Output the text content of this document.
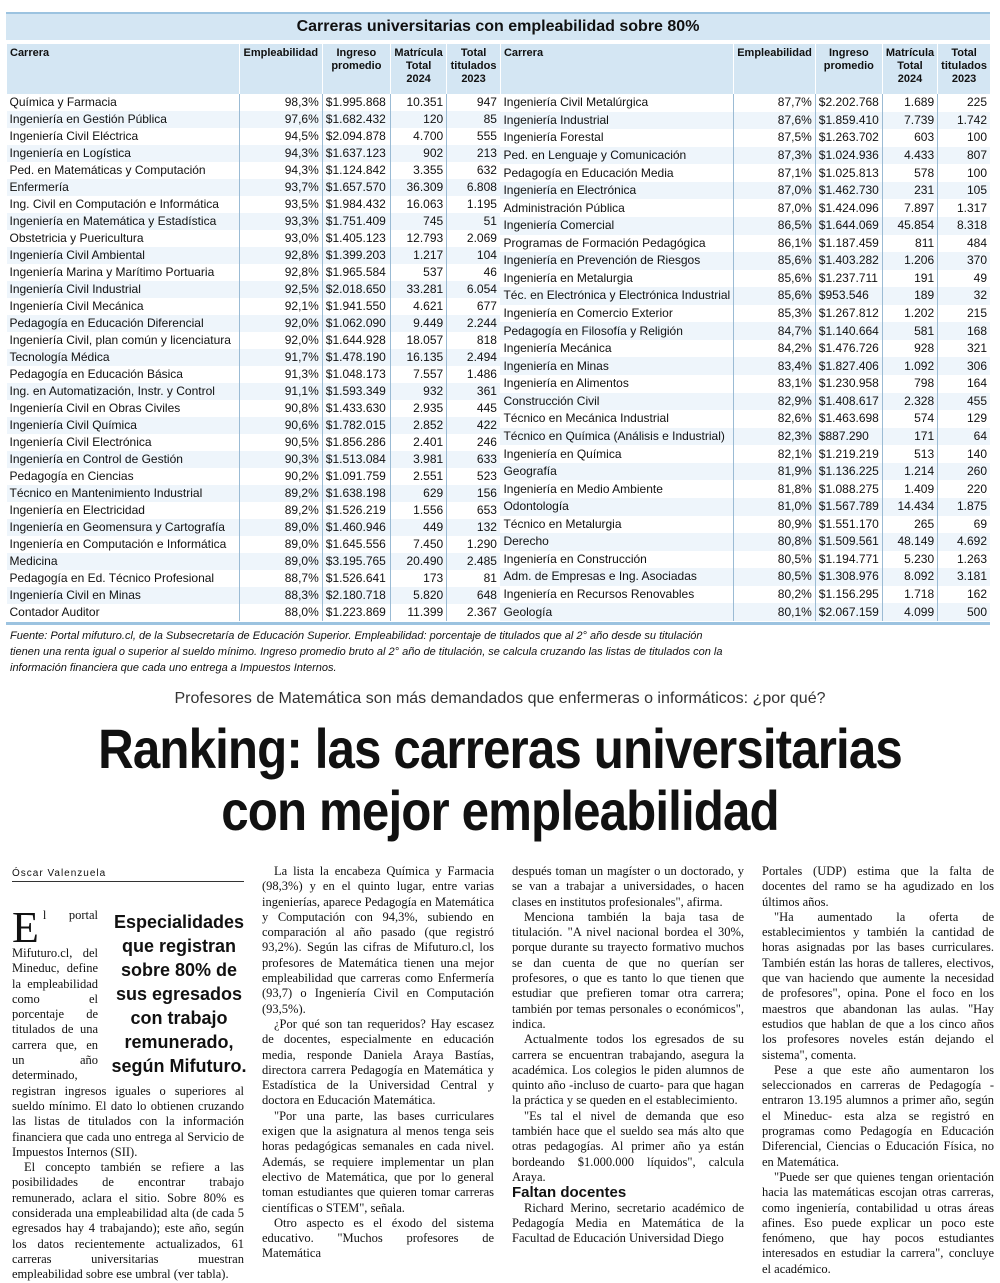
Carreras universitarias con empleabilidad sobre 80%
Carrera	Empleabilidad	Ingreso promedio	Matrícula Total 2024	Total titulados 2023
Química y Farmacia	98,3%	$1.995.868	10.351	947
Ingeniería en Gestión Pública	97,6%	$1.682.432	120	85
Ingeniería Civil Eléctrica	94,5%	$2.094.878	4.700	555
Ingeniería en Logística	94,3%	$1.637.123	902	213
Ped. en Matemáticas y Computación	94,3%	$1.124.842	3.355	632
Enfermería	93,7%	$1.657.570	36.309	6.808
Ing. Civil en Computación e Informática	93,5%	$1.984.432	16.063	1.195
Ingeniería en Matemática y Estadística	93,3%	$1.751.409	745	51
Obstetricia y Puericultura	93,0%	$1.405.123	12.793	2.069
Ingeniería Civil Ambiental	92,8%	$1.399.203	1.217	104
Ingeniería Marina y Marítimo Portuaria	92,8%	$1.965.584	537	46
Ingeniería Civil Industrial	92,5%	$2.018.650	33.281	6.054
Ingeniería Civil Mecánica	92,1%	$1.941.550	4.621	677
Pedagogía en Educación Diferencial	92,0%	$1.062.090	9.449	2.244
Ingeniería Civil, plan común y licenciatura	92,0%	$1.644.928	18.057	818
Tecnología Médica	91,7%	$1.478.190	16.135	2.494
Pedagogía en Educación Básica	91,3%	$1.048.173	7.557	1.486
Ing. en Automatización, Instr. y Control	91,1%	$1.593.349	932	361
Ingeniería Civil en Obras Civiles	90,8%	$1.433.630	2.935	445
Ingeniería Civil Química	90,6%	$1.782.015	2.852	422
Ingeniería Civil Electrónica	90,5%	$1.856.286	2.401	246
Ingeniería en Control de Gestión	90,3%	$1.513.084	3.981	633
Pedagogía en Ciencias	90,2%	$1.091.759	2.551	523
Técnico en Mantenimiento Industrial	89,2%	$1.638.198	629	156
Ingeniería en Electricidad	89,2%	$1.526.219	1.556	653
Ingeniería en Geomensura y Cartografía	89,0%	$1.460.946	449	132
Ingeniería en Computación e Informática	89,0%	$1.645.556	7.450	1.290
Medicina	89,0%	$3.195.765	20.490	2.485
Pedagogía en Ed. Técnico Profesional	88,7%	$1.526.641	173	81
Ingeniería Civil en Minas	88,3%	$2.180.718	5.820	648
Contador Auditor	88,0%	$1.223.869	11.399	2.367
Carrera	Empleabilidad	Ingreso promedio	Matrícula Total 2024	Total titulados 2023
Ingeniería Civil Metalúrgica	87,7%	$2.202.768	1.689	225
Ingeniería Industrial	87,6%	$1.859.410	7.739	1.742
Ingeniería Forestal	87,5%	$1.263.702	603	100
Ped. en Lenguaje y Comunicación	87,3%	$1.024.936	4.433	807
Pedagogía en Educación Media	87,1%	$1.025.813	578	100
Ingeniería en Electrónica	87,0%	$1.462.730	231	105
Administración Pública	87,0%	$1.424.096	7.897	1.317
Ingeniería Comercial	86,5%	$1.644.069	45.854	8.318
Programas de Formación Pedagógica	86,1%	$1.187.459	811	484
Ingeniería en Prevención de Riesgos	85,6%	$1.403.282	1.206	370
Ingeniería en Metalurgia	85,6%	$1.237.711	191	49
Téc. en Electrónica y Electrónica Industrial	85,6%	$953.546	189	32
Ingeniería en Comercio Exterior	85,3%	$1.267.812	1.202	215
Pedagogía en Filosofía y Religión	84,7%	$1.140.664	581	168
Ingeniería Mecánica	84,2%	$1.476.726	928	321
Ingeniería en Minas	83,4%	$1.827.406	1.092	306
Ingeniería en Alimentos	83,1%	$1.230.958	798	164
Construcción Civil	82,9%	$1.408.617	2.328	455
Técnico en Mecánica Industrial	82,6%	$1.463.698	574	129
Técnico en Química (Análisis e Industrial)	82,3%	$887.290	171	64
Ingeniería en Química	82,1%	$1.219.219	513	140
Geografía	81,9%	$1.136.225	1.214	260
Ingeniería en Medio Ambiente	81,8%	$1.088.275	1.409	220
Odontología	81,0%	$1.567.789	14.434	1.875
Técnico en Metalurgia	80,9%	$1.551.170	265	69
Derecho	80,8%	$1.509.561	48.149	4.692
Ingeniería en Construcción	80,5%	$1.194.771	5.230	1.263
Adm. de Empresas e Ing. Asociadas	80,5%	$1.308.976	8.092	3.181
Ingeniería en Recursos Renovables	80,2%	$1.156.295	1.718	162
Geología	80,1%	$2.067.159	4.099	500
Fuente: Portal mifuturo.cl, de la Subsecretaría de Educación Superior. Empleabilidad: porcentaje de titulados que al 2° año desde su titulación tienen una renta igual o superior al sueldo mínimo. Ingreso promedio bruto al 2° año de titulación, se calcula cruzando las listas de titulados con la información financiera que cada uno entrega a Impuestos Internos.
Profesores de Matemática son más demandados que enfermeras o informáticos: ¿por qué?
Ranking: las carreras universitarias con mejor empleabilidad
Óscar Valenzuela
Especialidades que registran sobre 80% de sus egresados con trabajo remunerado, según Mifuturo.

El portal Mifuturo.cl, del Mineduc, define la empleabilidad como el porcentaje de titulados de una carrera que, en un año determinado, registran ingresos iguales o superiores al sueldo mínimo. El dato lo obtienen cruzando las listas de titulados con la información financiera que cada uno entrega al Servicio de Impuestos Internos (SII).

El concepto también se refiere a las posibilidades de encontrar trabajo remunerado, aclara el sitio. Sobre 80% es considerada una empleabilidad alta (de cada 5 egresados hay 4 trabajando); este año, según los datos recientemente actualizados, 61 carreras universitarias muestran empleabilidad sobre ese umbral (ver tabla).

La lista la encabeza Química y Farmacia (98,3%) y en el quinto lugar, entre varias ingenierías, aparece Pedagogía en Matemática y Computación con 94,3%, subiendo en comparación al año pasado (que registró 93,2%). Según las cifras de Mifuturo.cl, los profesores de Matemática tienen una mejor empleabilidad que carreras como Enfermería (93,7) o Ingeniería Civil en Computación (93,5%).

¿Por qué son tan requeridos? Hay escasez de docentes, especialmente en educación media, responde Daniela Araya Bastías, directora carrera Pedagogía en Matemática y Estadística de la Universidad Central y doctora en Educación Matemática.

"Por una parte, las bases curriculares exigen que la asignatura al menos tenga seis horas pedagógicas semanales en cada nivel. Además, se requiere implementar un plan electivo de Matemática, que por lo general toman estudiantes que quieren tomar carreras científicas o STEM", señala.

Otro aspecto es el éxodo del sistema educativo. "Muchos profesores de Matemática

después toman un magíster o un doctorado, y se van a trabajar a universidades, o hacen clases en institutos profesionales", afirma.

Menciona también la baja tasa de titulación. "A nivel nacional bordea el 30%, porque durante su trayecto formativo muchos se dan cuenta de que no querían ser profesores, o que es tanto lo que tienen que estudiar que prefieren tomar otra carrera; también por temas personales o económicos", indica.

Actualmente todos los egresados de su carrera se encuentran trabajando, asegura la académica. Los colegios le piden alumnos de quinto año -incluso de cuarto- para que hagan la práctica y se queden en el establecimiento.

"Es tal el nivel de demanda que eso también hace que el sueldo sea más alto que otras pedagogías. Al primer año ya están bordeando $1.000.000 líquidos", calcula Araya.

Faltan docentes

Richard Merino, secretario académico de Pedagogía Media en Matemática de la Facultad de Educación Universidad Diego

Portales (UDP) estima que la falta de docentes del ramo se ha agudizado en los últimos años.

"Ha aumentado la oferta de establecimientos y también la cantidad de horas asignadas por las bases curriculares. También están las horas de talleres, electivos, que van haciendo que aumente la necesidad de profesores", opina. Pone el foco en los maestros que abandonan las aulas. "Hay estudios que hablan de que a los cinco años los profesores noveles están dejando el sistema", comenta.

Pese a que este año aumentaron los seleccionados en carreras de Pedagogía -entraron 13.195 alumnos a primer año, según el Mineduc- esta alza se registró en programas como Pedagogía en Educación Diferencial, Ciencias o Educación Física, no en Matemática.

"Puede ser que quienes tengan orientación hacia las matemáticas escojan otras carreras, como ingeniería, contabilidad u otras áreas afines. Eso puede explicar un poco este fenómeno, que hay pocos estudiantes interesados en estudiar la carrera", concluye el académico.
